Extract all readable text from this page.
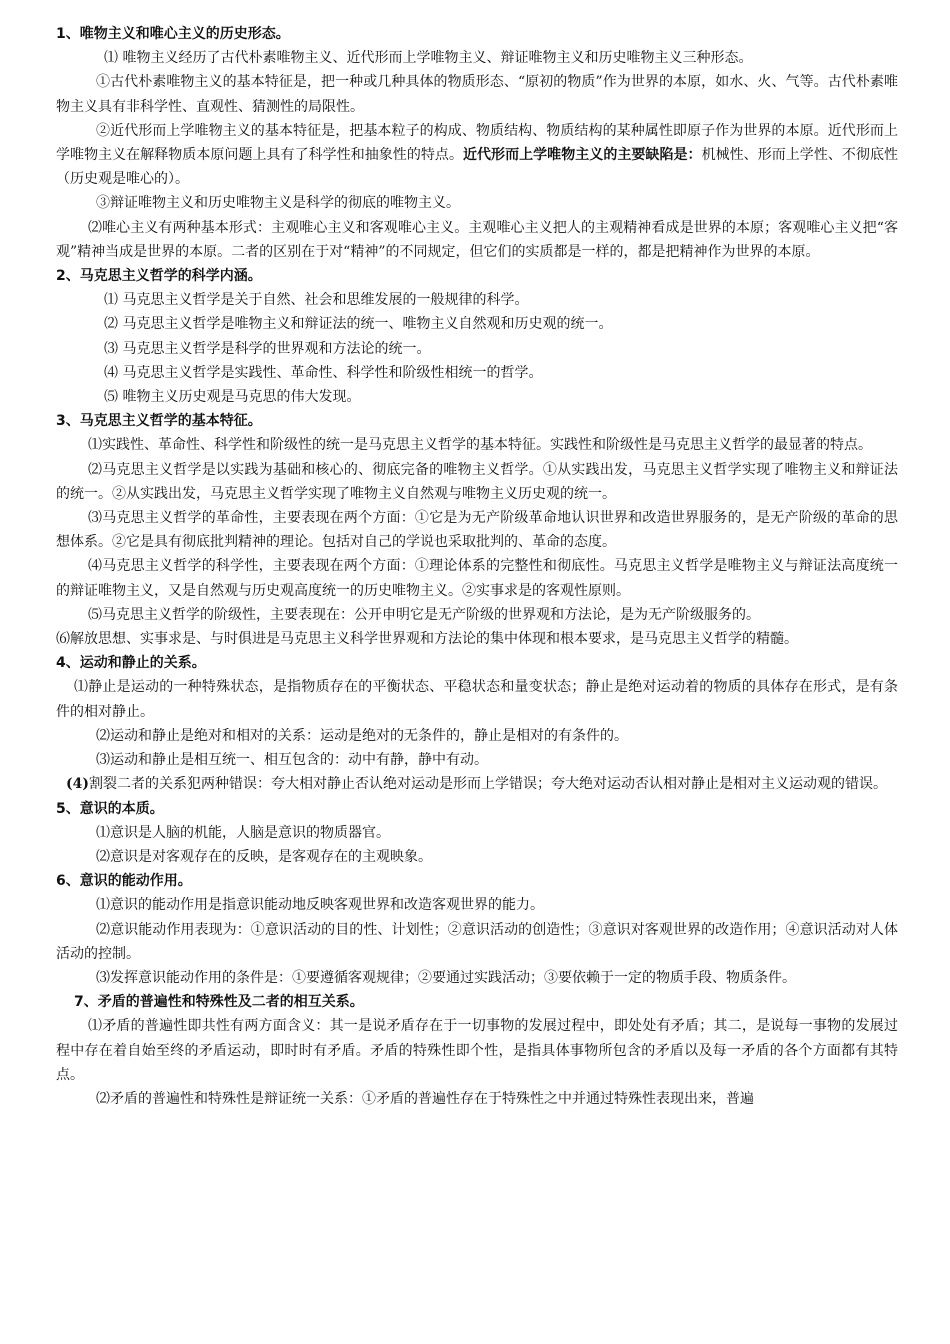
1、唯物主义和唯心主义的历史形态。

⑴ 唯物主义经历了古代朴素唯物主义、近代形而上学唯物主义、辩证唯物主义和历史唯物主义三种形态。

①古代朴素唯物主义的基本特征是，把一种或几种具体的物质形态、“原初的物质”作为世界的本原，如水、火、气等。古代朴素唯物主义具有非科学性、直观性、猜测性的局限性。

②近代形而上学唯物主义的基本特征是，把基本粒子的构成、物质结构、物质结构的某种属性即原子作为世界的本原。近代形而上学唯物主义在解释物质本原问题上具有了科学性和抽象性的特点。近代形而上学唯物主义的主要缺陷是：机械性、形而上学性、不彻底性（历史观是唯心的）。

③辩证唯物主义和历史唯物主义是科学的彻底的唯物主义。

⑵唯心主义有两种基本形式：主观唯心主义和客观唯心主义。主观唯心主义把人的主观精神看成是世界的本原；客观唯心主义把“客观”精神当成是世界的本原。二者的区别在于对“精神”的不同规定，但它们的实质都是一样的，都是把精神作为世界的本原。

2、马克思主义哲学的科学内涵。

⑴ 马克思主义哲学是关于自然、社会和思维发展的一般规律的科学。

⑵ 马克思主义哲学是唯物主义和辩证法的统一、唯物主义自然观和历史观的统一。

⑶ 马克思主义哲学是科学的世界观和方法论的统一。

⑷ 马克思主义哲学是实践性、革命性、科学性和阶级性相统一的哲学。

⑸ 唯物主义历史观是马克思的伟大发现。

3、马克思主义哲学的基本特征。

⑴实践性、革命性、科学性和阶级性的统一是马克思主义哲学的基本特征。实践性和阶级性是马克思主义哲学的最显著的特点。

⑵马克思主义哲学是以实践为基础和核心的、彻底完备的唯物主义哲学。①从实践出发，马克思主义哲学实现了唯物主义和辩证法的统一。②从实践出发，马克思主义哲学实现了唯物主义自然观与唯物主义历史观的统一。

⑶马克思主义哲学的革命性，主要表现在两个方面：①它是为无产阶级革命地认识世界和改造世界服务的，是无产阶级的革命的思想体系。②它是具有彻底批判精神的理论。包括对自己的学说也采取批判的、革命的态度。

⑷马克思主义哲学的科学性，主要表现在两个方面：①理论体系的完整性和彻底性。马克思主义哲学是唯物主义与辩证法高度统一的辩证唯物主义，又是自然观与历史观高度统一的历史唯物主义。②实事求是的客观性原则。

⑸马克思主义哲学的阶级性，主要表现在：公开申明它是无产阶级的世界观和方法论，是为无产阶级服务的。

⑹解放思想、实事求是、与时俱进是马克思主义科学世界观和方法论的集中体现和根本要求，是马克思主义哲学的精髓。

4、运动和静止的关系。

⑴静止是运动的一种特殊状态，是指物质存在的平衡状态、平稳状态和量变状态；静止是绝对运动着的物质的具体存在形式，是有条件的相对静止。

⑵运动和静止是绝对和相对的关系：运动是绝对的无条件的，静止是相对的有条件的。

⑶运动和静止是相互统一、相互包含的：动中有静，静中有动。

(4)割裂二者的关系犯两种错误：夸大相对静止否认绝对运动是形而上学错误；夸大绝对运动否认相对静止是相对主义运动观的错误。

5、意识的本质。

⑴意识是人脑的机能，人脑是意识的物质器官。

⑵意识是对客观存在的反映，是客观存在的主观映象。

6、意识的能动作用。

⑴意识的能动作用是指意识能动地反映客观世界和改造客观世界的能力。

⑵意识能动作用表现为：①意识活动的目的性、计划性；②意识活动的创造性；③意识对客观世界的改造作用；④意识活动对人体活动的控制。

⑶发挥意识能动作用的条件是：①要遵循客观规律；②要通过实践活动；③要依赖于一定的物质手段、物质条件。

7、矛盾的普遍性和特殊性及二者的相互关系。

⑴矛盾的普遍性即共性有两方面含义：其一是说矛盾存在于一切事物的发展过程中，即处处有矛盾；其二，是说每一事物的发展过程中存在着自始至终的矛盾运动，即时时有矛盾。矛盾的特殊性即个性，是指具体事物所包含的矛盾以及每一矛盾的各个方面都有其特点。

⑵矛盾的普遍性和特殊性是辩证统一关系：①矛盾的普遍性存在于特殊性之中并通过特殊性表现出来，普遍
